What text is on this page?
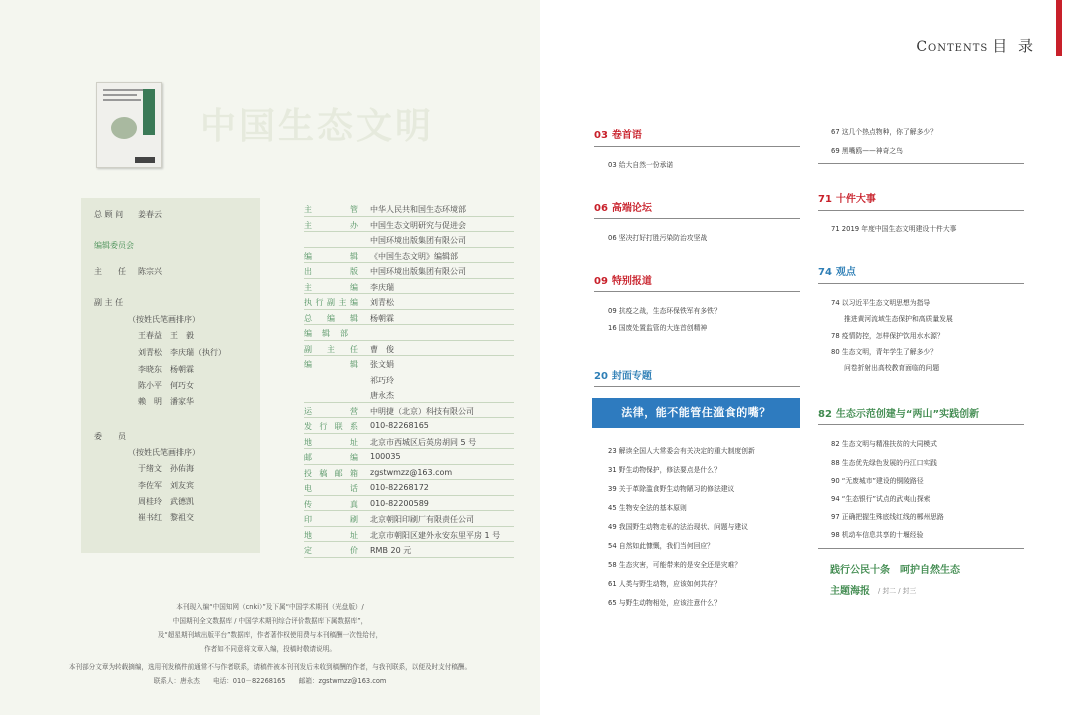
中国生态文明
总 顾 问 姜春云
编辑委员会
主　　任 陈宗兴
副 主 任
（按姓氏笔画排序）
王春益　王　毅
刘青松　李庆瑞（执行）
李晓东　杨朝霖
陈小平　何巧女
赖　明　潘家华
委　　员
（按姓氏笔画排序）
于绪文　孙佑海
李佐军　刘友宾
周桂玲　武德凯
崔书红　黎祖交
主管 中华人民共和国生态环境部
主办 中国生态文明研究与促进会
中国环境出版集团有限公司
编辑 《中国生态文明》编辑部
出版 中国环境出版集团有限公司
主编 李庆瑞
执行副主编 刘青松
总编辑 杨朝霖
编辑部
副主任 曹　俊
编辑 张文娟
祁巧玲
唐永杰
运营 中明捷（北京）科技有限公司
发行联系 010-82268165
地址 北京市西城区后英房胡同 5 号
邮编 100035
投稿邮箱 zgstwmzz@163.com
电话 010-82268172
传真 010-82200589
印刷 北京朝阳印刷厂有限责任公司
地址 北京市朝阳区建外永安东里平房 1 号
定价 RMB 20 元
本刊现入编“中国知网（cnki）”及下属“中国学术期刊（光盘版）/
中国期刊全文数据库 / 中国学术期刊综合评价数据库下属数据库”，
及“超星期刊域出版平台”数据库，作者著作权使用费与本刊稿酬一次性给付，
作者如不同意将文章入编，投稿时敬请说明。
本刊部分文章为转载摘编，选用刊发稿件前通常不与作者联系，请稿件被本刊刊发后未收到稿酬的作者，与我刊联系，以便及时支付稿酬。
联系人：唐永杰　　电话：010－82268165　　邮箱：zgstwmzz@163.com
Contents 目 录
03 卷首语
03 给大自然一份承诺
06 高端论坛
06 坚决打好打胜污染防治攻坚战
09 特别报道
09 抗疫之战，生态环保铁军有多铁？
16 国废处置监管的大连首创精神
20 封面专题
法律，能不能管住滥食的嘴？
23 解读全国人大常委会有关决定的重大制度创新
31 野生动物保护，修法要点是什么？
39 关于革除滥食野生动物陋习的修法建议
45 生物安全法的基本原则
49 我国野生动物走私的法治现状、问题与建议
54 自然如此慷慨，我们当何回应？
58 生态灾害，可能带来的是安全还是灾难？
61 人类与野生动物，应该如何共存？
65 与野生动物相处，应该注意什么？
67 这几个热点物种，你了解多少？
69 黑嘴鸥——神奇之鸟
71 十件大事
71 2019 年度中国生态文明建设十件大事
74 观点
74 以习近平生态文明思想为指导
推进黄河流域生态保护和高质量发展
78 疫情防控，怎样保护饮用水水源？
80 生态文明，青年学生了解多少？
问卷折射出高校教育面临的问题
82 生态示范创建与“两山”实践创新
82 生态文明与精准扶贫的大同模式
88 生态优先绿色发展的丹江口实践
90 “无废城市”建设的铜陵路径
94 “生态银行”试点的武夷山探索
97 正确把握生殊底线红线的郴州思路
98 机动车信息共享的十堰经验
践行公民十条　呵护自然生态
主题海报 / 封二 / 封三
